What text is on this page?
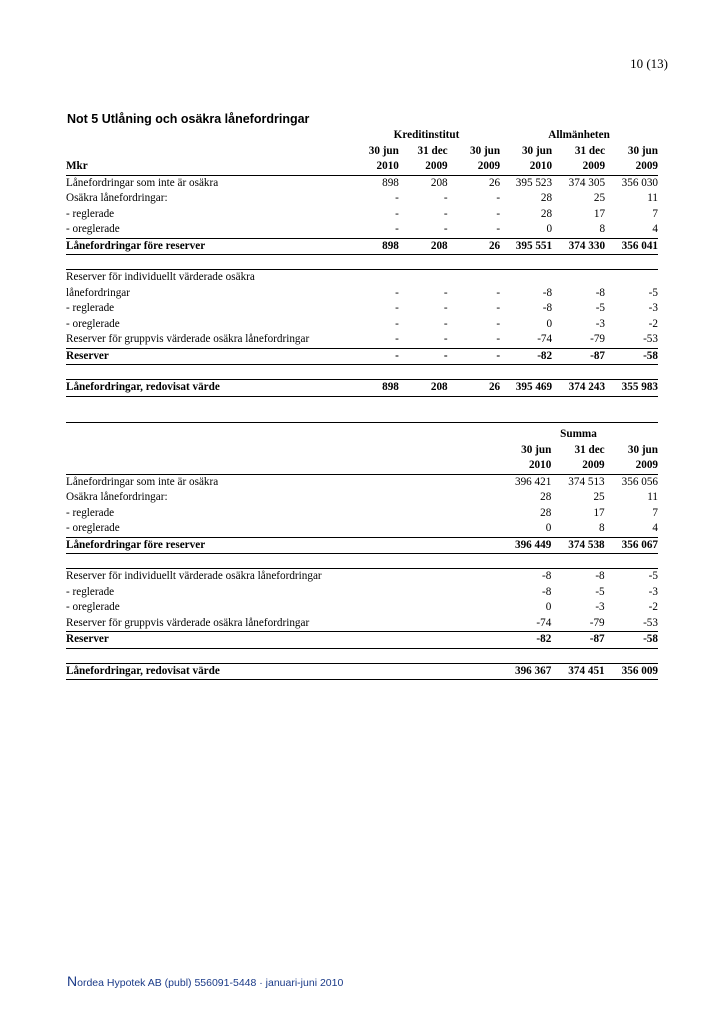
10 (13)
Not 5 Utlåning och osäkra lånefordringar
	Kreditinstitut			Allmänheten		
	30 jun	31 dec	30 jun	30 jun	31 dec	30 jun
Mkr	2010	2009	2009	2010	2009	2009
Lånefordringar som inte är osäkra	898	208	26	395 523	374 305	356 030
Osäkra lånefordringar:	-	-	-	28	25	11
- reglerade	-	-	-	28	17	7
- oreglerade	-	-	-	0	8	4
Lånefordringar före reserver	898	208	26	395 551	374 330	356 041

Reserver för individuellt värderade osäkra						
lånefordringar	-	-	-	-8	-8	-5
- reglerade	-	-	-	-8	-5	-3
- oreglerade	-	-	-	0	-3	-2
Reserver för gruppvis värderade osäkra lånefordringar	-	-	-	-74	-79	-53
Reserver	-	-	-	-82	-87	-58

Lånefordringar, redovisat värde	898	208	26	395 469	374 243	355 983

				Summa		
				30 jun	31 dec	30 jun
				2010	2009	2009
Lånefordringar som inte är osäkra				396 421	374 513	356 056
Osäkra lånefordringar:				28	25	11
- reglerade				28	17	7
- oreglerade				0	8	4
Lånefordringar före reserver				396 449	374 538	356 067

Reserver för individuellt värderade osäkra lånefordringar				-8	-8	-5
- reglerade				-8	-5	-3
- oreglerade				0	-3	-2
Reserver för gruppvis värderade osäkra lånefordringar				-74	-79	-53
Reserver				-82	-87	-58

Lånefordringar, redovisat värde				396 367	374 451	356 009
Nordea Hypotek AB (publ) 556091-5448 · januari-juni 2010
